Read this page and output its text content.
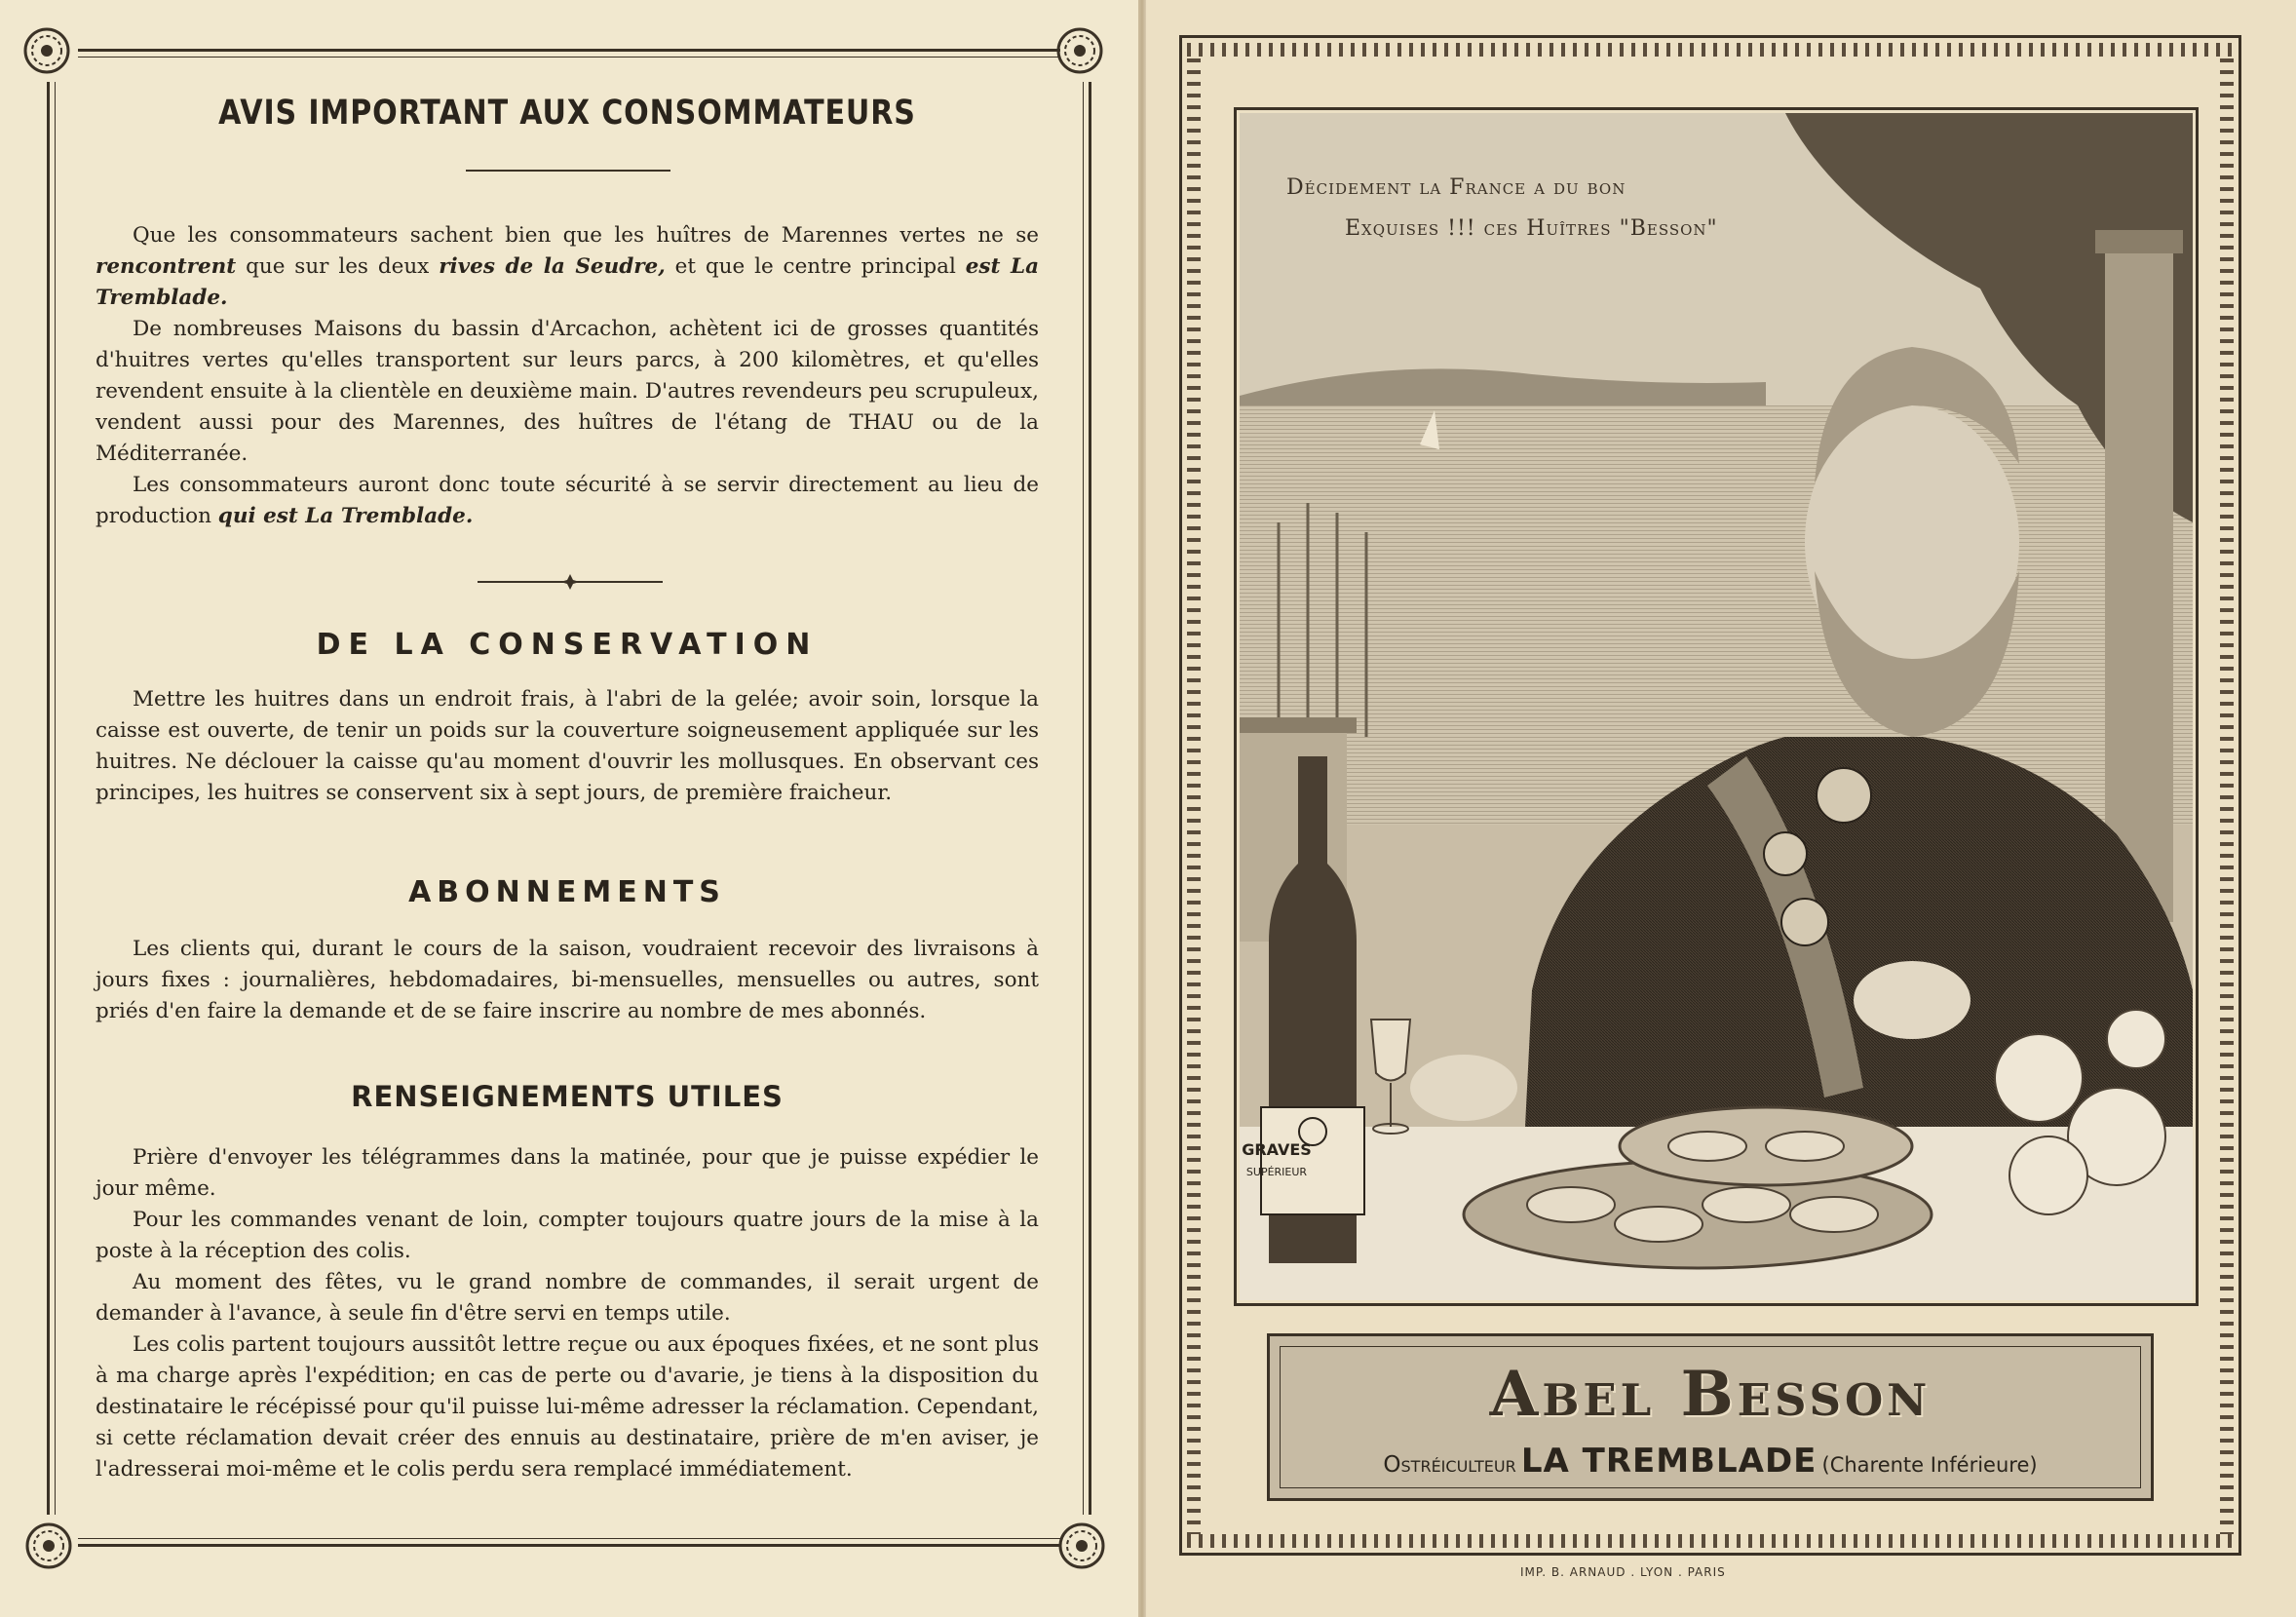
AVIS IMPORTANT AUX CONSOMMATEURS

Que les consommateurs sachent bien que les huîtres de Marennes vertes ne se rencontrent que sur les deux rives de la Seudre, et que le centre principal est La Tremblade.

De nombreuses Maisons du bassin d'Arcachon, achètent ici de grosses quantités d'huitres vertes qu'elles transportent sur leurs parcs, à 200 kilomètres, et qu'elles revendent ensuite à la clientèle en deuxième main. D'autres revendeurs peu scrupuleux, vendent aussi pour des Marennes, des huîtres de l'étang de THAU ou de la Méditerranée.

Les consommateurs auront donc toute sécurité à se servir directement au lieu de production qui est La Tremblade.

DE LA CONSERVATION

Mettre les huitres dans un endroit frais, à l'abri de la gelée; avoir soin, lorsque la caisse est ouverte, de tenir un poids sur la couverture soigneusement appliquée sur les huitres. Ne déclouer la caisse qu'au moment d'ouvrir les mollusques. En observant ces principes, les huitres se conservent six à sept jours, de première fraicheur.

ABONNEMENTS

Les clients qui, durant le cours de la saison, voudraient recevoir des livraisons à jours fixes : journalières, hebdomadaires, bi-mensuelles, mensuelles ou autres, sont priés d'en faire la demande et de se faire inscrire au nombre de mes abonnés.

RENSEIGNEMENTS UTILES

Prière d'envoyer les télégrammes dans la matinée, pour que je puisse expédier le jour même.

Pour les commandes venant de loin, compter toujours quatre jours de la mise à la poste à la réception des colis.

Au moment des fêtes, vu le grand nombre de commandes, il serait urgent de demander à l'avance, à seule fin d'être servi en temps utile.

Les colis partent toujours aussitôt lettre reçue ou aux époques fixées, et ne sont plus à ma charge après l'expédition; en cas de perte ou d'avarie, je tiens à la disposition du destinataire le récépissé pour qu'il puisse lui-même adresser la réclamation. Cependant, si cette réclamation devait créer des ennuis au destinataire, prière de m'en aviser, je l'adresserai moi-même et le colis perdu sera remplacé immédiatement.

Décidement la France a du bon
Exquises !!! ces Huîtres "Besson"
GRAVES
SUPÉRIEUR
Abel Besson
Ostréiculteur LA TREMBLADE (Charente Inférieure)
IMP. B. ARNAUD . LYON . PARIS
